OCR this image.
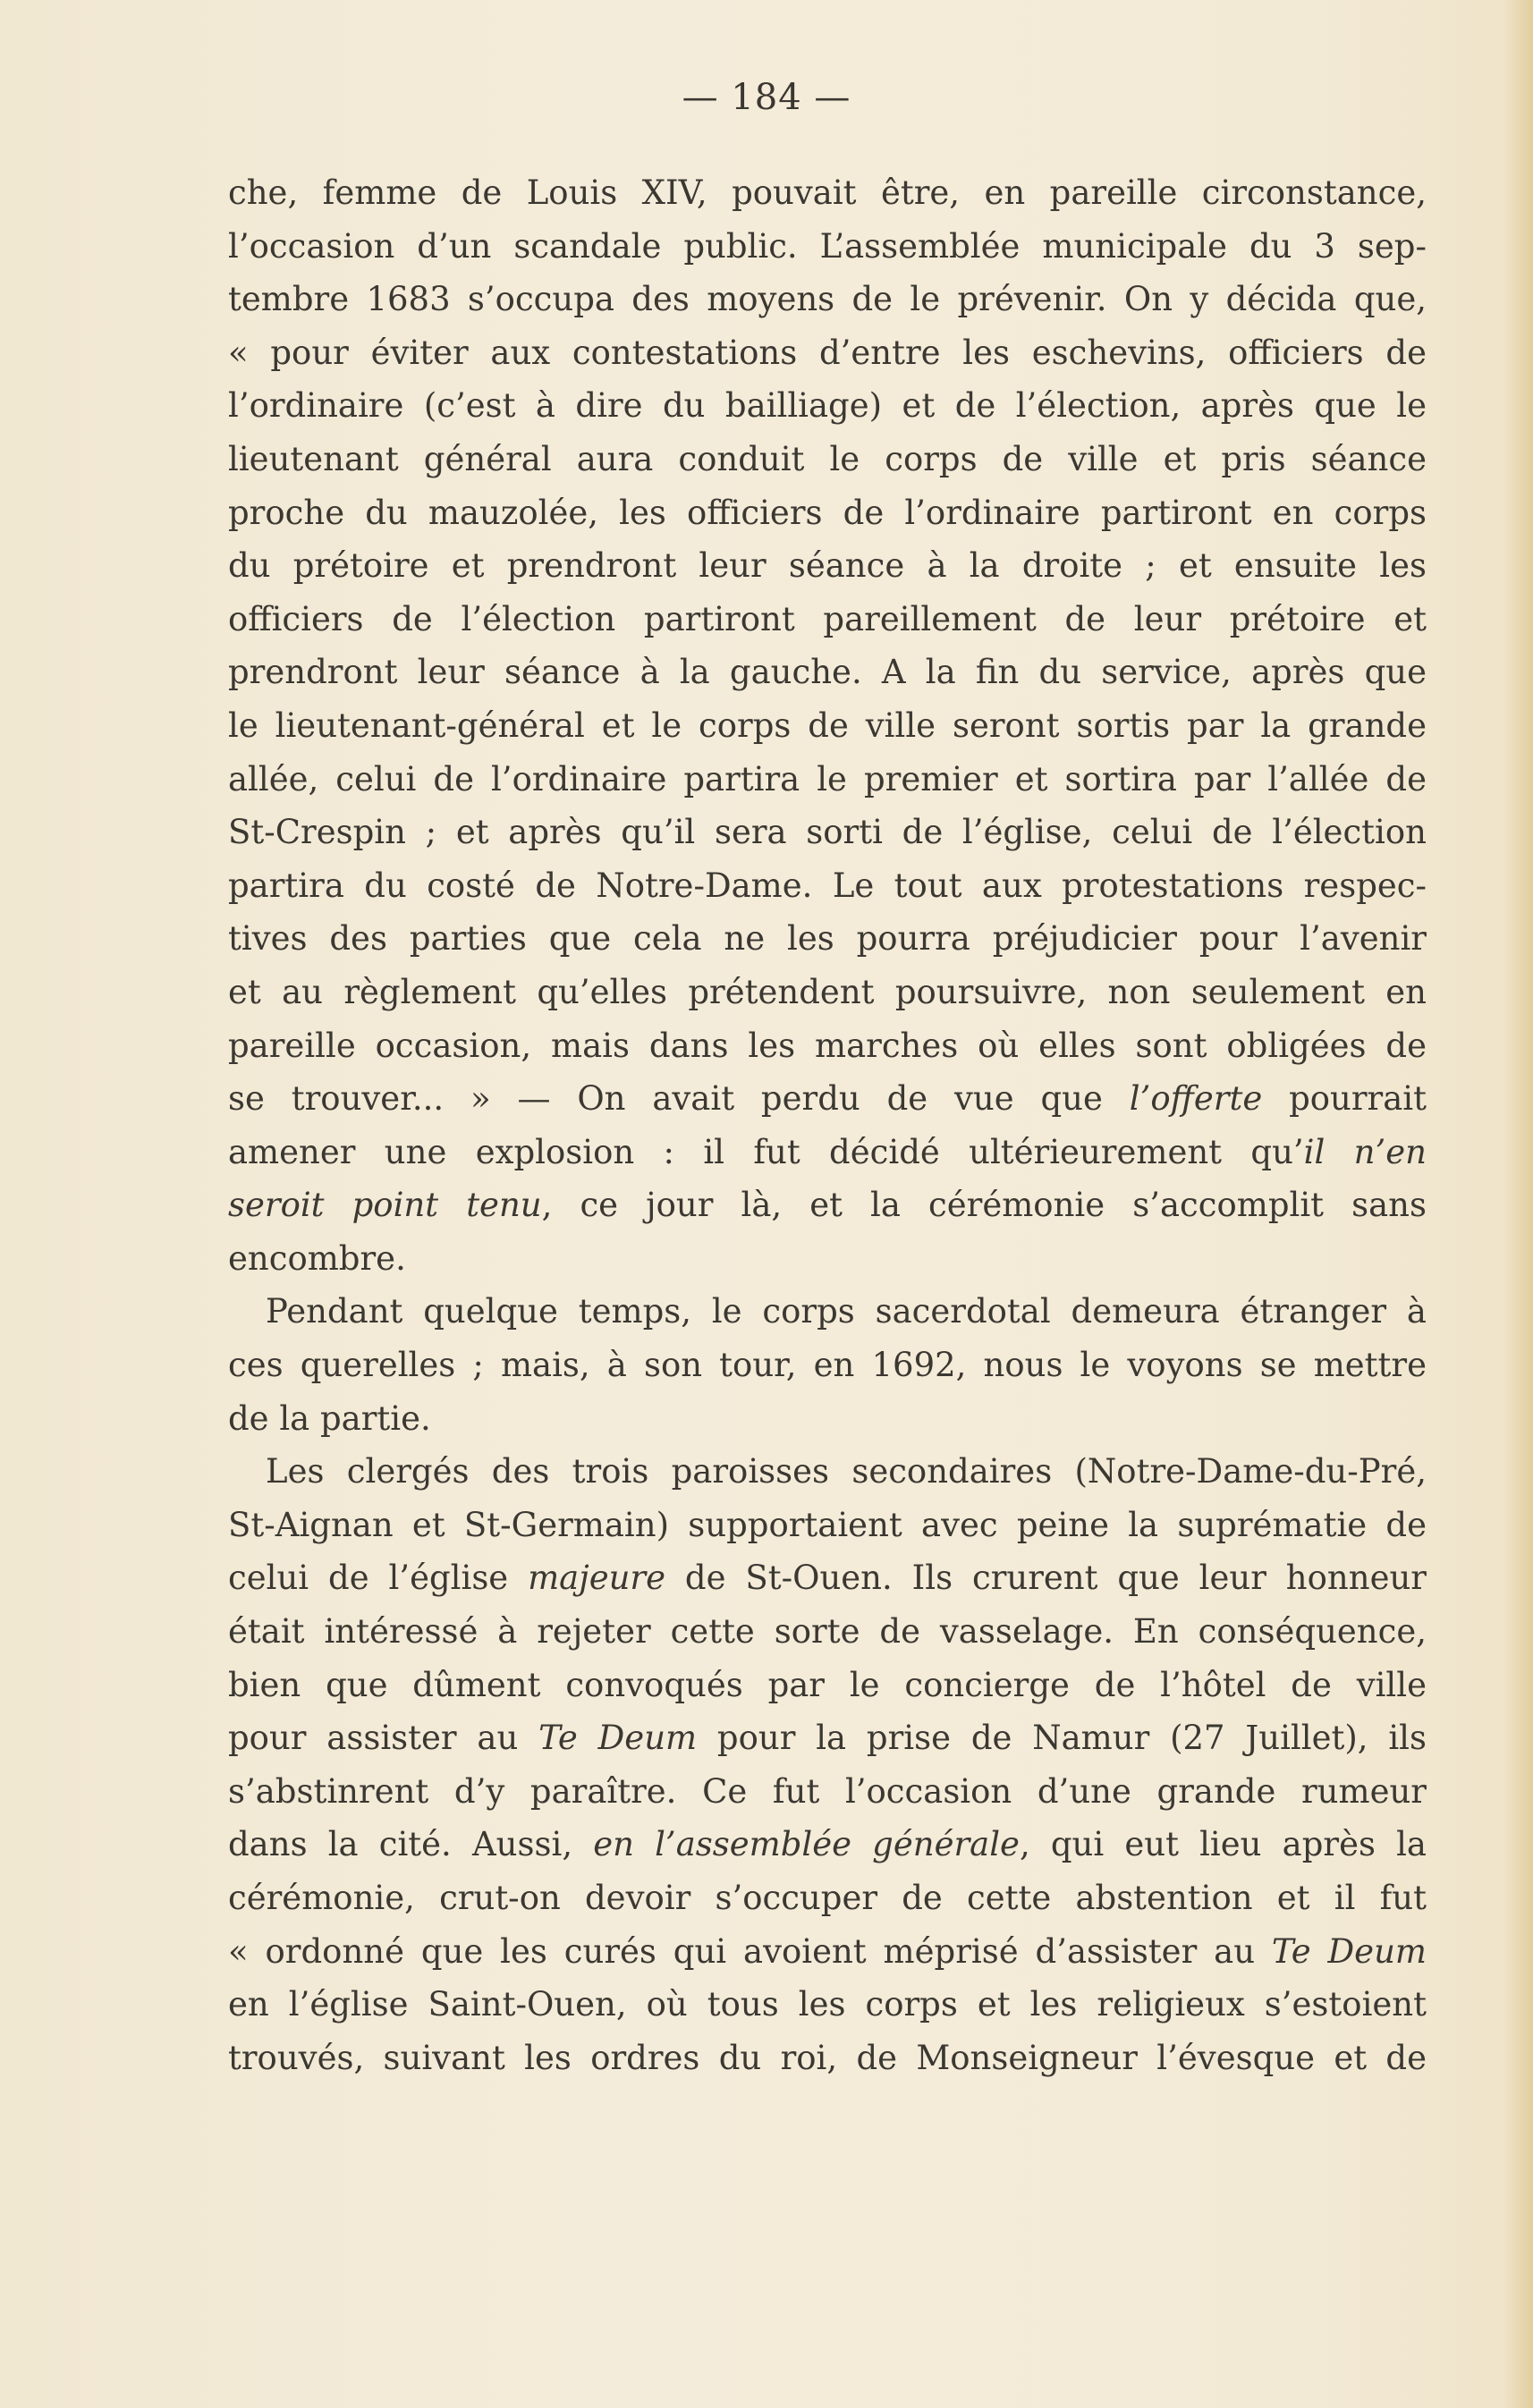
— 184 —
che, femme de Louis XIV, pouvait être, en pareille circonstance,
l’occasion d’un scandale public. L’assemblée municipale du 3 sep-
tembre 1683 s’occupa des moyens de le prévenir. On y décida que,
« pour éviter aux contestations d’entre les eschevins, officiers de
l’ordinaire (c’est à dire du bailliage) et de l’élection, après que le
lieutenant général aura conduit le corps de ville et pris séance
proche du mauzolée, les officiers de l’ordinaire partiront en corps
du prétoire et prendront leur séance à la droite ; et ensuite les
officiers de l’élection partiront pareillement de leur prétoire et
prendront leur séance à la gauche. A la fin du service, après que
le lieutenant-général et le corps de ville seront sortis par la grande
allée, celui de l’ordinaire partira le premier et sortira par l’allée de
St-Crespin ; et après qu’il sera sorti de l’église, celui de l’élection
partira du costé de Notre-Dame. Le tout aux protestations respec-
tives des parties que cela ne les pourra préjudicier pour l’avenir
et au règlement qu’elles prétendent poursuivre, non seulement en
pareille occasion, mais dans les marches où elles sont obligées de
se trouver... » — On avait perdu de vue que l’offerte pourrait
amener une explosion : il fut décidé ultérieurement qu’il n’en
seroit point tenu, ce jour là, et la cérémonie s’accomplit sans
encombre.
Pendant quelque temps, le corps sacerdotal demeura étranger à
ces querelles ; mais, à son tour, en 1692, nous le voyons se mettre
de la partie.
Les clergés des trois paroisses secondaires (Notre-Dame-du-Pré,
St-Aignan et St-Germain) supportaient avec peine la suprématie de
celui de l’église majeure de St-Ouen. Ils crurent que leur honneur
était intéressé à rejeter cette sorte de vasselage. En conséquence,
bien que dûment convoqués par le concierge de l’hôtel de ville
pour assister au Te Deum pour la prise de Namur (27 Juillet), ils
s’abstinrent d’y paraître. Ce fut l’occasion d’une grande rumeur
dans la cité. Aussi, en l’assemblée générale, qui eut lieu après la
cérémonie, crut-on devoir s’occuper de cette abstention et il fut
« ordonné que les curés qui avoient méprisé d’assister au Te Deum
en l’église Saint-Ouen, où tous les corps et les religieux s’estoient
trouvés, suivant les ordres du roi, de Monseigneur l’évesque et de
